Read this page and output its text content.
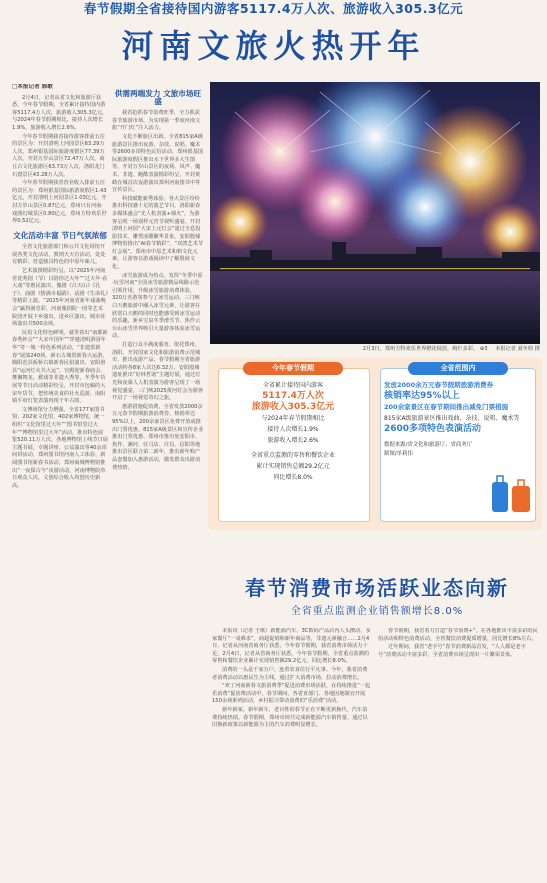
春节假期全省接待国内游客5117.4万人次、旅游收入305.3亿元
河南文旅火热开年
□本报记者 郭歌

2月4日，记者从省文化和旅游厅获悉，今年春节假期，全省累计接待国内游客5117.4万人次，旅游收入305.3亿元，与2024年春节假期相比，接待人次增长1.9%，旅游收入增长2.6%。

今年春节假期我省接待游客排前五位的景区为：开封清明上河园景区63.29万人次，郑州银基国际旅游度假区77.39万人次，开封万岁山景区72.47万人次，商丘古文化旅游区63.73万人次，洛阳龙门石窟景区43.28万人次。

今年春节假期我省营业收入排前五位的景区为：郑州银基国际旅游度假区1.43亿元，开封清明上河园景区1.03亿元，开封万岁山景区0.87亿元，郑州只有河南·戏剧幻城景区0.80亿元，郑州方特欢乐世界0.52亿元。

文化活动丰富 节日气氛浓郁

全省文化旅游部门和公共文化场馆开展各类文化活动，教则天天有活动，处处有精彩，营造独具特色的中原年味儿。

艺术演摄精彩纷呈。以“2025年河南省优秀剧（节）目陪你过大年”“过大年·看大戏”等惠民演出、豫剧《吕天山》《孔子》、曲剧《情满幸福路》、话剧《生命礼》等精彩上演。“2025年河南省新年戏曲晚会”赢得满堂彩，河南豫剧院一团等艺术院团开展下乡演出，进乡区演出，城市驻场演出共500余场。

民俗文化特色鲜明。就等着出“南都新春秀妙会”“大宋中国年”“穿越清明游园年华”等一城一特色系列活动，“非遗贺新春”展演240场。新石古城贺新春大运游，腾阳范县板桥古镇新春民俗演出、安阳滑县“运河灯火共大运”。宫殿迎新春庙会、舞狮舞龙、猴戏等非遗大秀等，冬季年货展等节日活动精彩纷呈，开封市包稿的大宋年货节，把传统美食的社火巡游，南阳镇平府灯笼表演再现千年古韵。

文博场馆分力增强。全省177家图书馆、202家文化馆、402家博物馆，统一组织“文化馆里过大年”“图书馆里过大年”“博物馆里过大年”活动，推出特色展览520.11万人次。各地博物馆上线节日展主题书展，专题讲座、公益演出等40余项间讲活动，郑州图书馆河南人工体验、新阅图书馆新春书活动，郑州商城博物馆推出“一夜探古今”夜游活动，河南博物院草日观众人次，文创综合收入均创历史新高。

供需两端发力 文旅市场旺盛

我省抢抓春节消费旺季，全力抓获春节旅游市场，为实现第一季度河南文旅“开门红”注入活力。

文化不断旅区出新。全省815家A级旅游景区推出夜游、杂技、说唱、魔术等2600多项特色民俗活动，郑州银基国际旅游度假区推出水下世界多大生图等。开封万岁山景区的夜场、风声、魔术、非遗、跑酷表演精彩纷呈，开封黄鹤在城首次夜游演出郑州河南图书中等宣传景区。

科技赋能新秀体验。各大景区纷纷推出科技感十足的演艺节目，洛阳新春多媒体盛会“光人机表演+烟火”，为游客呈现一场别样元宵节视听盛宴。开封清明上河园“大宋上元灯会”通过全息投影技术、雕塑冰雕繁华景象。安阳殷墟博物馆推出“AI春节精彩”、“双湾艺术节灯会展”。郑州市中原艺术和和文化元素，让游客在游戏阅读中了解殷商文化。

冰雪旅游成为热点。发挥“冬季中原·玩雪河南”全国冰雪旅游精品线路示范引领作用，升级冰雪旅游消费体验，320万名游客参与了冰雪运动。三门峡白天鹅旅游中融入冰雪元素，让游客在欣赏白天鹅的同时也能感受到冰雪运动的乐趣，新乡宝泉冬季滑雪节、焦作云台山冰雪世界吸引大量游客体验冰雪运动。

打造行具丰满度服务。依托郑州、洛阳、开封国家文化和旅游消费示范城市，推出夜游产品、春节假期全省旅游活动约各8家人次达6.32万。安阳殷墟遗址推出“好林哲诸”主题灯展，通过灯光和夜幕人人机表演为游客呈现了一场视觉盛宴。三门峡2025黄河灯会为游客开启了一场视觉奇幻之旅。

惠游措施促消费。全省发放2000余万元春节假期旅游消费券，核销率达95%以上，200余家景区免费开放或推出门票优惠，815家A级景区和宣传企业推出门票优惠、郑州市推出免安阳市、焦作、漯河、驻马店、许昌、信阳等地推出景区联合第二新年，推出新年购产品套餐加入惠游活动，激发群众出游消费热情。

2月3日，郑州方特欢乐世界燃花绽放，绚烂多彩。 ⊕3 本报记者 聂冬晗 摄
今年春节假期
全省累计接待国内游客
5117.4万人次
旅游收入305.3亿元
与2024年春节假期相比
接待人次增长1.9%
旅游收入增长2.6%
全省重点监测的零售和餐饮企业
累计实现销售总额29.2亿元
同比增长8.0%
全省范围内
发放2000余万元春节假期旅游消费券
核销率达95%以上
200余家景区在春节期间推出减免门票措施
815家A级旅游景区推出戏曲、杂技、说唱、魔术等
2600多项特色表演活动
数据来源/省文化和旅游厅、省商务厅
制图/单莉伟
春节消费市场活跃业态向新
全省重点监测企业销售额增长8.0%

本报讯（记者 王歌）新能源汽车、3C数码产品店内人头攒动，多家餐厅“一桌难求”，商超促销和新年商品等，非遗元素融合……2月4日，记者从河南省商务厅获悉，今年春节假期，我省消费市场活力十足，2月4日，记者从省商务厅获悉，今年春节假期，全省重点监测的零售和餐饮企业累计实现销售额29.2亿元，同比增长8.0%。

消费的一头是千家万户，连着农食住行平凡事。今年，我省消费者消费活动以惠民生为主线，通过扩大消费市场，拉动消费增长。

“欢了河南新春文旅消费季”促进消费市场活跃，在持续推进“一起乐消费”促消费活动中，春节期间，各省直部门、各地因地制宜开展150余场系列活动，乡村振兴带动消费的“乐消费”活动。

新年新家，新年新车，老百姓的春节正在不断更新换代，汽车消费持续热销。春节假期，郑州市场共完成新能源汽车销售量、通过以旧换新政策以新能源为主的汽车消费明显增长。

春节假期，我省着力打造“春节消费+”，在各地推出丰富多彩的民俗活动和特色消费活动，全省餐饮消费提质增量，同比增长8%左右。

过年期间，我省“老字号”春节消费新品首发，“人人都是老字号”消费活动丰富多彩，全省消费市场呈现出一片繁荣景象。
